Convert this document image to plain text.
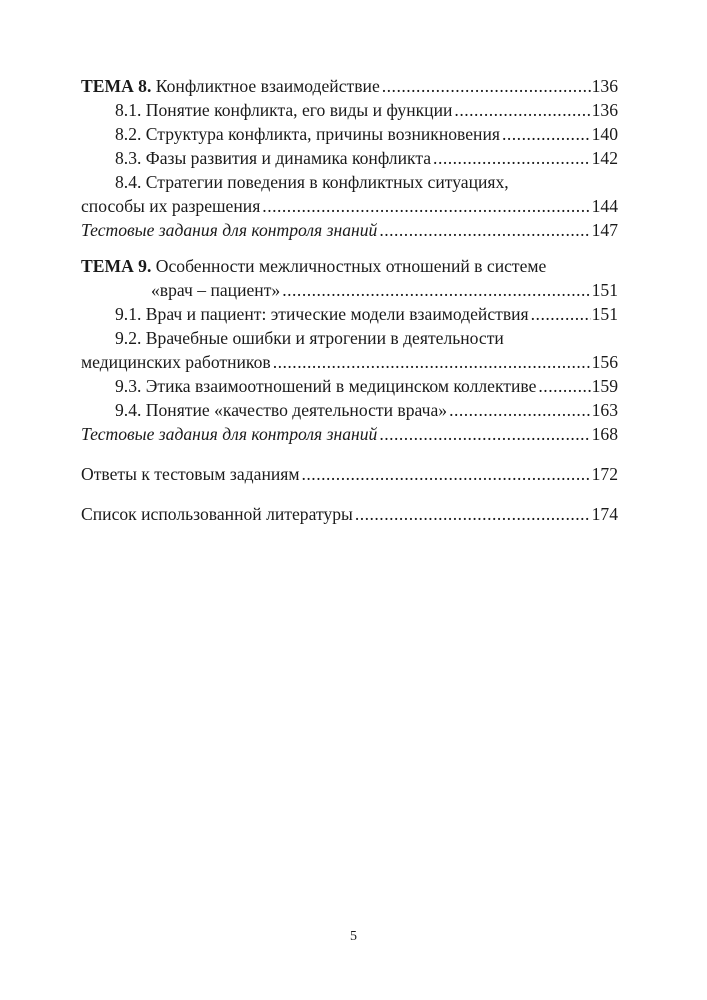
ТЕМА 8. Конфликтное взаимодействие .....	136
8.1. Понятие конфликта, его виды и функции .....	136
8.2. Структура конфликта, причины возникновения .....	140
8.3. Фазы развития и динамика конфликта .....	142
8.4. Стратегии поведения в конфликтных ситуациях,
способы их разрешения .....	144
Тестовые задания для контроля знаний .....	147
ТЕМА 9. Особенности межличностных отношений в системе
«врач – пациент» .....	151
9.1. Врач и пациент: этические модели взаимодействия .....	151
9.2. Врачебные ошибки и ятрогении в деятельности
медицинских работников .....	156
9.3. Этика взаимоотношений в медицинском коллективе .....	159
9.4. Понятие «качество деятельности врача» .....	163
Тестовые задания для контроля знаний .....	168
Ответы к тестовым заданиям .....	172
Список использованной литературы .....	174
5
